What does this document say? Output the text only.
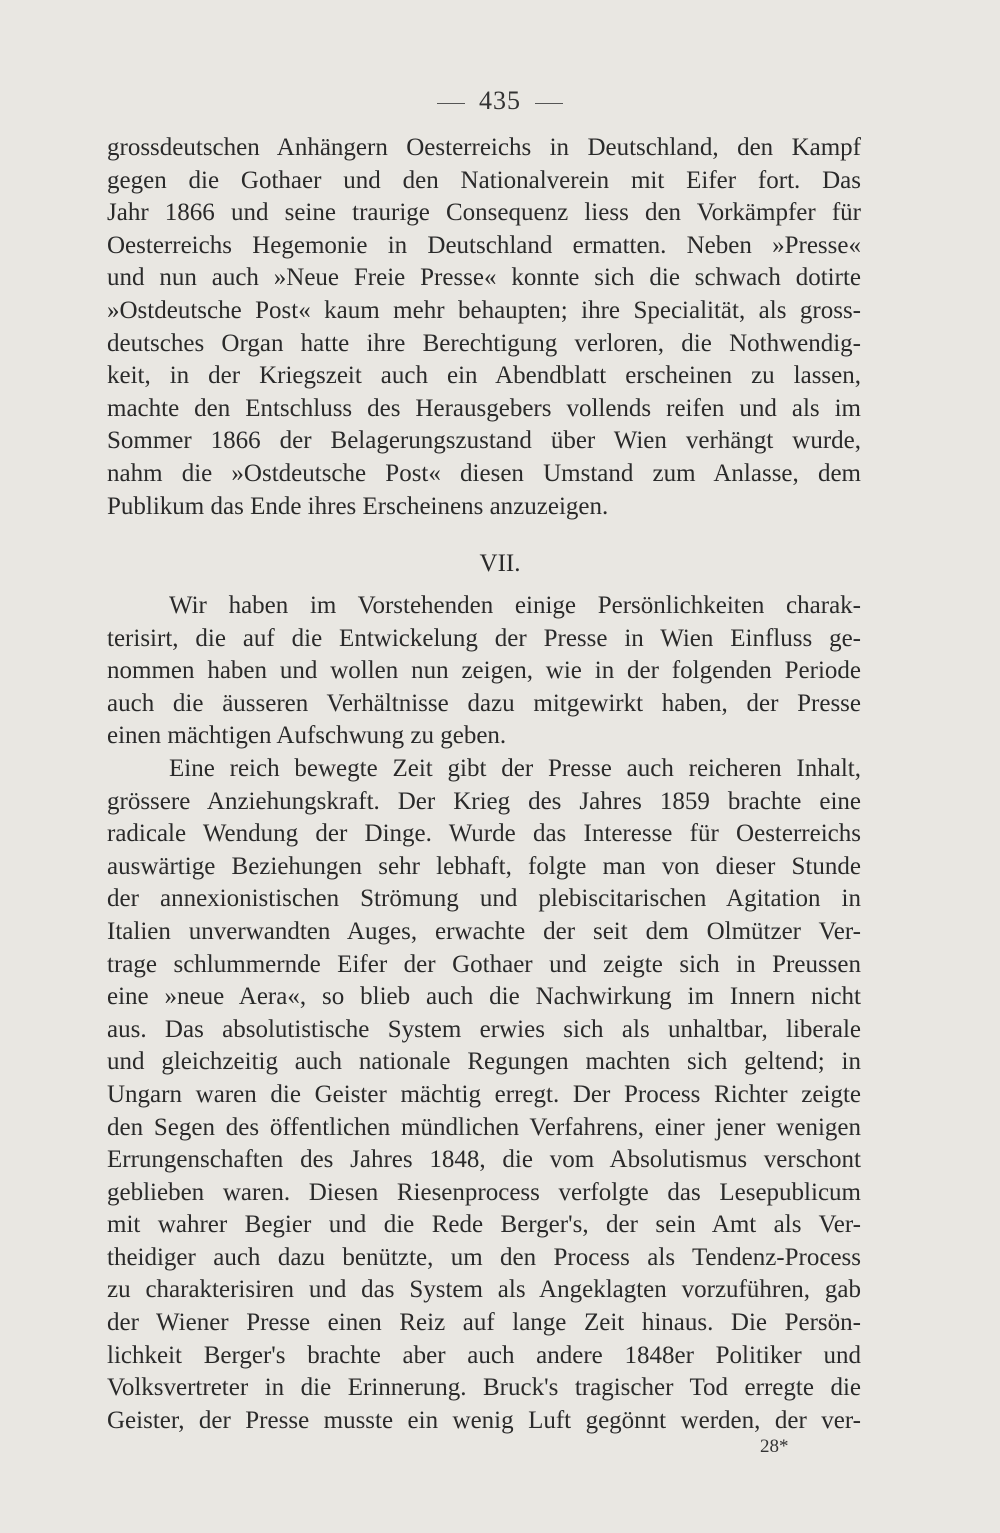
435
grossdeutschen Anhängern Oesterreichs in Deutschland, den Kampf
gegen die Gothaer und den Nationalverein mit Eifer fort. Das
Jahr 1866 und seine traurige Consequenz liess den Vorkämpfer für
Oesterreichs Hegemonie in Deutschland ermatten. Neben »Presse«
und nun auch »Neue Freie Presse« konnte sich die schwach dotirte
»Ostdeutsche Post« kaum mehr behaupten; ihre Specialität, als gross-
deutsches Organ hatte ihre Berechtigung verloren, die Nothwendig-
keit, in der Kriegszeit auch ein Abendblatt erscheinen zu lassen,
machte den Entschluss des Herausgebers vollends reifen und als im
Sommer 1866 der Belagerungszustand über Wien verhängt wurde,
nahm die »Ostdeutsche Post« diesen Umstand zum Anlasse, dem
Publikum das Ende ihres Erscheinens anzuzeigen.
VII.
Wir haben im Vorstehenden einige Persönlichkeiten charak-
terisirt, die auf die Entwickelung der Presse in Wien Einfluss ge-
nommen haben und wollen nun zeigen, wie in der folgenden Periode
auch die äusseren Verhältnisse dazu mitgewirkt haben, der Presse
einen mächtigen Aufschwung zu geben.
Eine reich bewegte Zeit gibt der Presse auch reicheren Inhalt,
grössere Anziehungskraft. Der Krieg des Jahres 1859 brachte eine
radicale Wendung der Dinge. Wurde das Interesse für Oesterreichs
auswärtige Beziehungen sehr lebhaft, folgte man von dieser Stunde
der annexionistischen Strömung und plebiscitarischen Agitation in
Italien unverwandten Auges, erwachte der seit dem Olmützer Ver-
trage schlummernde Eifer der Gothaer und zeigte sich in Preussen
eine »neue Aera«, so blieb auch die Nachwirkung im Innern nicht
aus. Das absolutistische System erwies sich als unhaltbar, liberale
und gleichzeitig auch nationale Regungen machten sich geltend; in
Ungarn waren die Geister mächtig erregt. Der Process Richter zeigte
den Segen des öffentlichen mündlichen Verfahrens, einer jener wenigen
Errungenschaften des Jahres 1848, die vom Absolutismus verschont
geblieben waren. Diesen Riesenprocess verfolgte das Lesepublicum
mit wahrer Begier und die Rede Berger's, der sein Amt als Ver-
theidiger auch dazu benützte, um den Process als Tendenz-Process
zu charakterisiren und das System als Angeklagten vorzuführen, gab
der Wiener Presse einen Reiz auf lange Zeit hinaus. Die Persön-
lichkeit Berger's brachte aber auch andere 1848er Politiker und
Volksvertreter in die Erinnerung. Bruck's tragischer Tod erregte die
Geister, der Presse musste ein wenig Luft gegönnt werden, der ver-
28*
